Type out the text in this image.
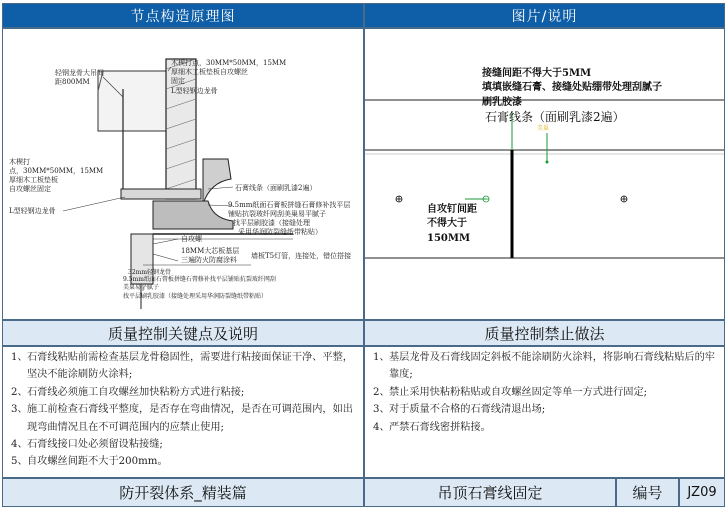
节点构造原理图	图片/说明
轻钢龙骨大吊间
距800MM
木楔打点，30MM*50MM，15MM
厚细木工板垫板自攻螺丝
固定
L型轻钢边龙骨
木楔打
点，30MM*50MM，15MM
厚细木工板垫板
自攻螺丝固定
L型轻钢边龙骨
石膏线条（面刷乳漆2遍）
9.5mm纸面石膏板拼缝石膏修补找平层
铺贴抗裂玻纤网刮美巢易平腻子
找平层刷胶漆（接缝处理
采用华润防裂缝纸带粘贴）
自攻螺
18MM大芯板基层
三遍防火防腐涂料 墙板T5灯管，连接处，错位搭接
32mm轻钢龙骨
9.5mm纸面石膏板拼缝石膏修补找平层铺贴抗裂玻纤网刮
美巢易平腻子
找平层刷乳胶漆（接缝处理采用华润防裂缝纸带粘贴）
接缝间距不得大于5MM
填填嵌缝石膏、接缝处贴绷带处理刮腻子
刷乳胶漆
石膏线条（面刷乳漆2遍）
美巢
自攻钉间距
不得大于
150MM
质量控制关键点及说明	质量控制禁止做法
1、 石膏线粘贴前需检查基层龙骨稳固性，需要进行粘接面保证干净、平整，坚决不能涂刷防火涂料;
2、 石膏线必须施工自攻螺丝加快粘粉方式进行粘接;
3、 施工前检查石膏线平整度，是否存在弯曲情况，是否在可调范围内，如出现弯曲情况且在不可调范围内的应禁止使用;
4、 石膏线接口处必须留设粘接缝;
5、 自攻螺丝间距不大于200mm。
1、 基层龙骨及石膏线固定斜板不能涂刷防火涂料，将影响石膏线粘贴后的牢靠度;
2、 禁止采用快粘粉粘贴或自攻螺丝固定等单一方式进行固定;
3、 对于质量不合格的石膏线清退出场;
4、 严禁石膏线密拼粘接。
防开裂体系_精装篇	吊顶石膏线固定	编号 JZ09
